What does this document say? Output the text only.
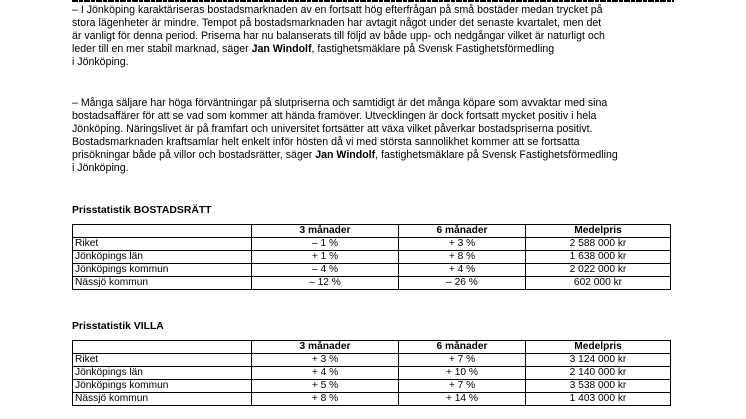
– I Jönköping karaktäriseras bostadsmarknaden av en fortsatt hög efterfrågan på små bostäder medan trycket på
stora lägenheter är mindre. Tempot på bostadsmarknaden har avtagit något under det senaste kvartalet, men det
är vanligt för denna period. Priserna har nu balanserats till följd av både upp- och nedgångar vilket är naturligt och
leder till en mer stabil marknad, säger Jan Windolf, fastighetsmäklare på Svensk Fastighetsförmedling
i Jönköping.

– Många säljare har höga förväntningar på slutpriserna och samtidigt är det många köpare som avvaktar med sina
bostadsaffärer för att se vad som kommer att hända framöver. Utvecklingen är dock fortsatt mycket positiv i hela
Jönköping. Näringslivet är på framfart och universitet fortsätter att växa vilket påverkar bostadspriserna positivt.
Bostadsmarknaden kraftsamlar helt enkelt inför hösten då vi med största sannolikhet kommer att se fortsatta
prisökningar både på villor och bostadsrätter, säger Jan Windolf, fastighetsmäklare på Svensk Fastighetsförmedling
i Jönköping.

Prisstatistik BOSTADSRÄTT
	3 månader	6 månader	Medelpris
Riket	– 1 %	+ 3 %	2 588 000 kr
Jönköpings län	+ 1 %	+ 8 %	1 638 000 kr
Jönköpings kommun	– 4 %	+ 4 %	2 022 000 kr
Nässjö kommun	– 12 %	– 26 %	602 000 kr
Prisstatistik VILLA
	3 månader	6 månader	Medelpris
Riket	+ 3 %	+ 7 %	3 124 000 kr
Jönköpings län	+ 4 %	+ 10 %	2 140 000 kr
Jönköpings kommun	+ 5 %	+ 7 %	3 538 000 kr
Nässjö kommun	+ 8 %	+ 14 %	1 403 000 kr
